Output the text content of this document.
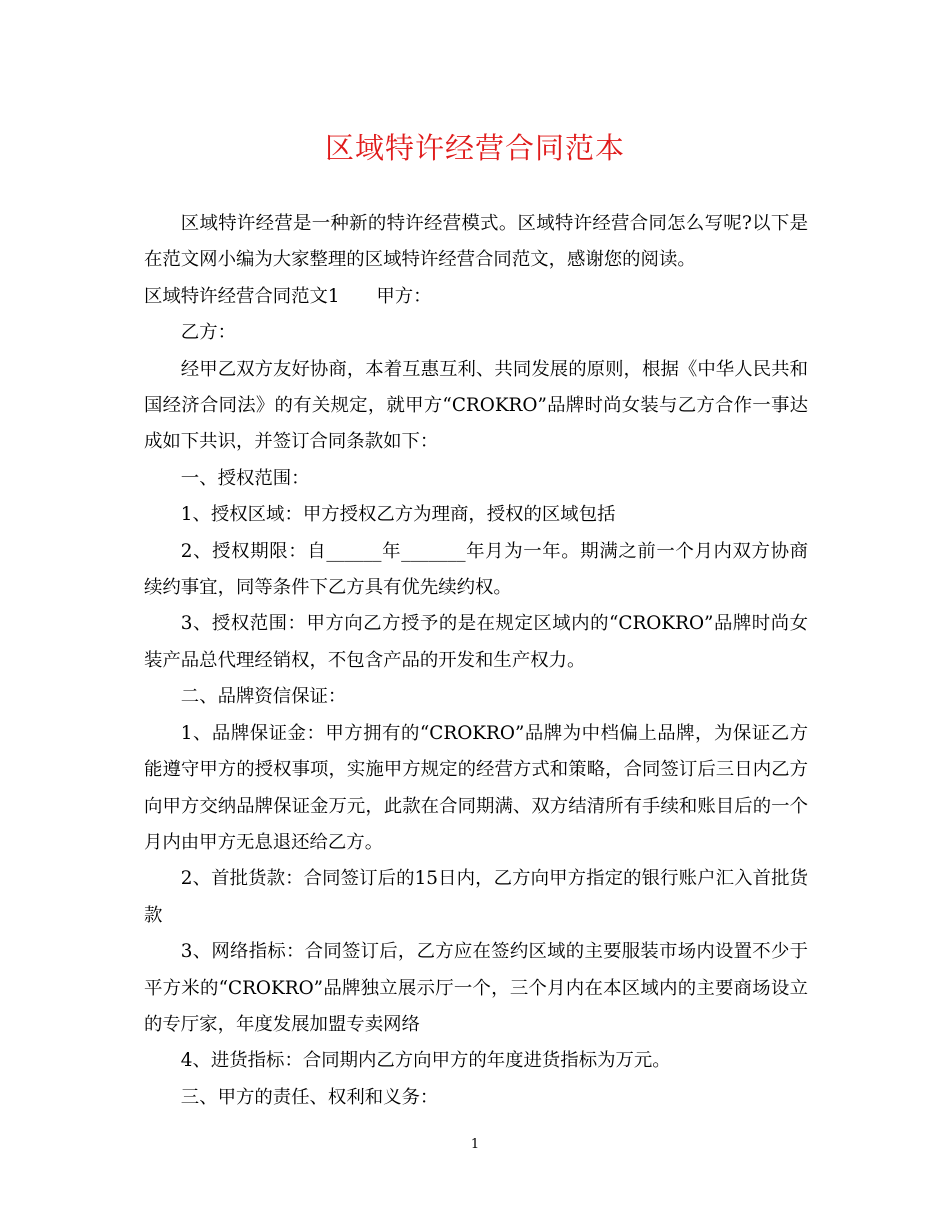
区域特许经营合同范本

区域特许经营是一种新的特许经营模式。区域特许经营合同怎么写呢?以下是在范文网小编为大家整理的区域特许经营合同范文，感谢您的阅读。

区域特许经营合同范文1　　甲方：

乙方：

经甲乙双方友好协商，本着互惠互利、共同发展的原则，根据《中华人民共和国经济合同法》的有关规定，就甲方“CROKRO”品牌时尚女装与乙方合作一事达成如下共识，并签订合同条款如下：

一、授权范围：

1、授权区域：甲方授权乙方为理商，授权的区域包括

2、授权期限：自______年_______年月为一年。期满之前一个月内双方协商续约事宜，同等条件下乙方具有优先续约权。

3、授权范围：甲方向乙方授予的是在规定区域内的“CROKRO”品牌时尚女装产品总代理经销权，不包含产品的开发和生产权力。

二、品牌资信保证：

1、品牌保证金：甲方拥有的“CROKRO”品牌为中档偏上品牌，为保证乙方能遵守甲方的授权事项，实施甲方规定的经营方式和策略，合同签订后三日内乙方向甲方交纳品牌保证金万元，此款在合同期满、双方结清所有手续和账目后的一个月内由甲方无息退还给乙方。

2、首批货款：合同签订后的15日内，乙方向甲方指定的银行账户汇入首批货款

3、网络指标：合同签订后，乙方应在签约区域的主要服装市场内设置不少于平方米的“CROKRO”品牌独立展示厅一个，三个月内在本区域内的主要商场设立的专厅家，年度发展加盟专卖网络

4、进货指标：合同期内乙方向甲方的年度进货指标为万元。

三、甲方的责任、权利和义务：

1
